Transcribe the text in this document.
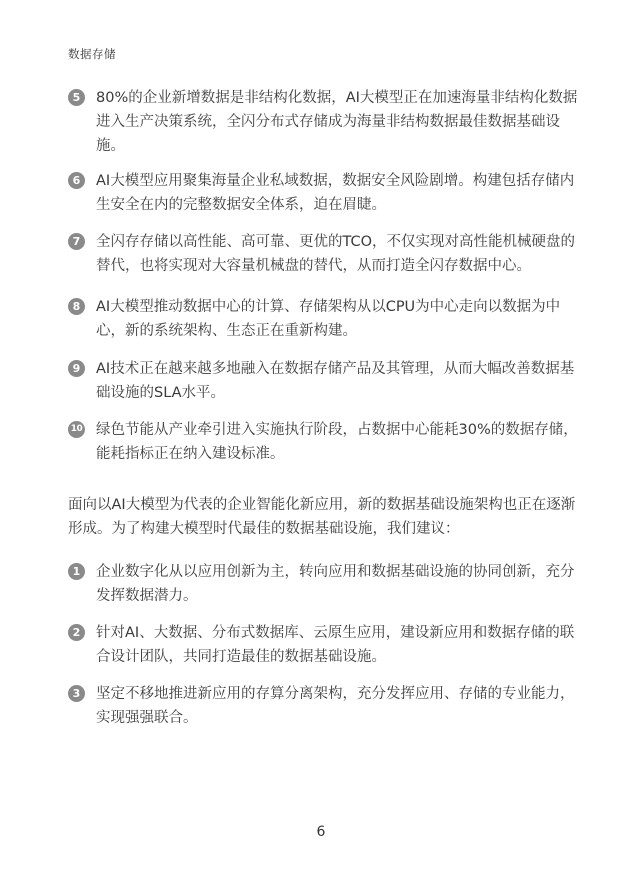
数据存储
5	80%的企业新增数据是非结构化数据，AI大模型正在加速海量非结构化数据进入生产决策系统，全闪分布式存储成为海量非结构数据最佳数据基础设施。
6	AI大模型应用聚集海量企业私域数据，数据安全风险剧增。构建包括存储内生安全在内的完整数据安全体系，迫在眉睫。
7	全闪存存储以高性能、高可靠、更优的TCO，不仅实现对高性能机械硬盘的替代，也将实现对大容量机械盘的替代，从而打造全闪存数据中心。
8	AI大模型推动数据中心的计算、存储架构从以CPU为中心走向以数据为中心，新的系统架构、生态正在重新构建。
9	AI技术正在越来越多地融入在数据存储产品及其管理，从而大幅改善数据基础设施的SLA水平。
10 绿色节能从产业牵引进入实施执行阶段，占数据中心能耗30%的数据存储，能耗指标正在纳入建设标准。
面向以AI大模型为代表的企业智能化新应用，新的数据基础设施架构也正在逐渐形成。为了构建大模型时代最佳的数据基础设施，我们建议：
1	企业数字化从以应用创新为主，转向应用和数据基础设施的协同创新，充分发挥数据潜力。
2	针对AI、大数据、分布式数据库、云原生应用，建设新应用和数据存储的联合设计团队，共同打造最佳的数据基础设施。
3	坚定不移地推进新应用的存算分离架构，充分发挥应用、存储的专业能力，实现强强联合。
6
